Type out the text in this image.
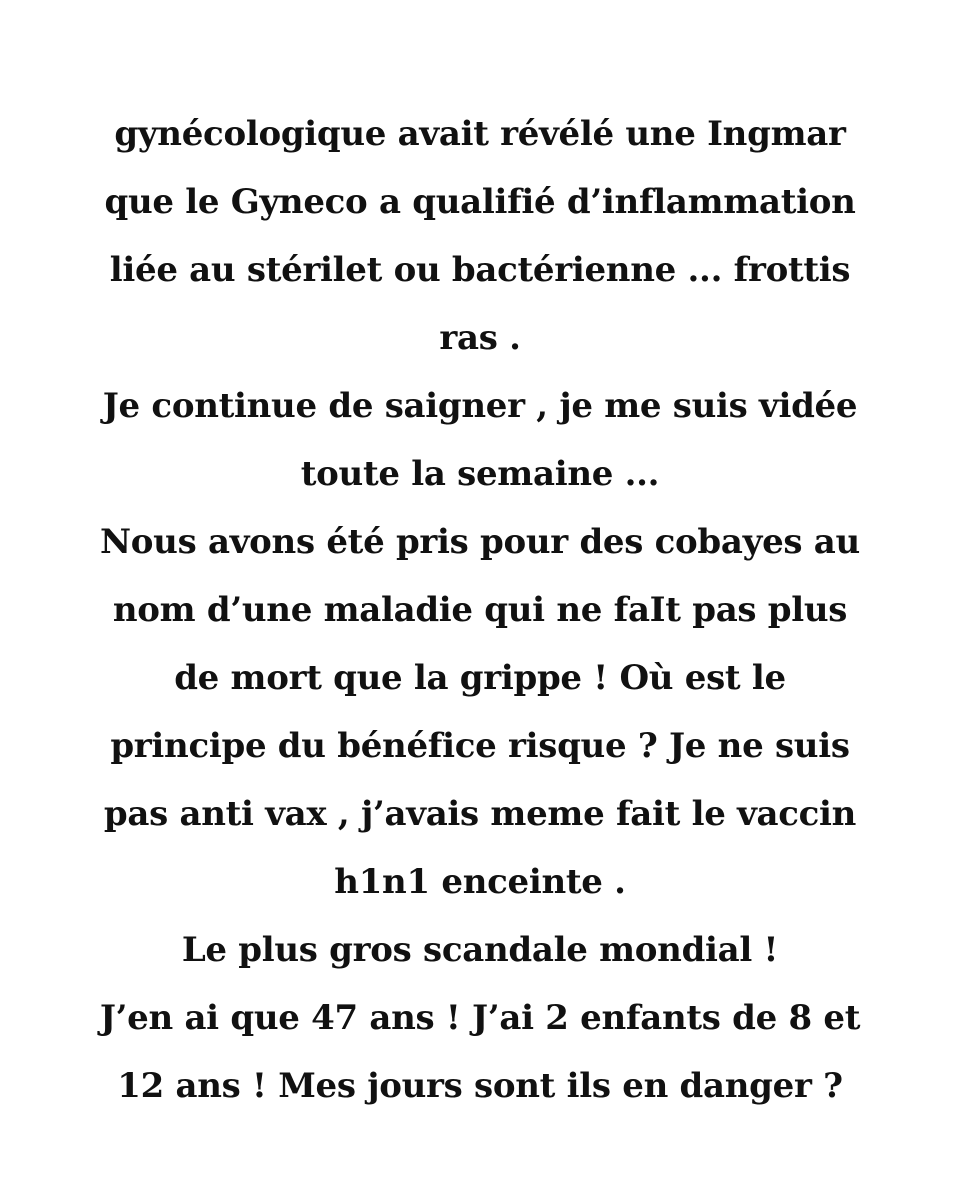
gynécologique avait révélé une Ingmar
que le Gyneco a qualifié d’inflammation
liée au stérilet ou bactérienne ... frottis
ras .
Je continue de saigner , je me suis vidée
toute la semaine ...
Nous avons été pris pour des cobayes au
nom d’une maladie qui ne faIt pas plus
de mort que la grippe ! Où est le
principe du bénéfice risque ? Je ne suis
pas anti vax , j’avais meme fait le vaccin
h1n1 enceinte .
Le plus gros scandale mondial !
J’en ai que 47 ans ! J’ai 2 enfants de 8 et
12 ans ! Mes jours sont ils en danger ?
